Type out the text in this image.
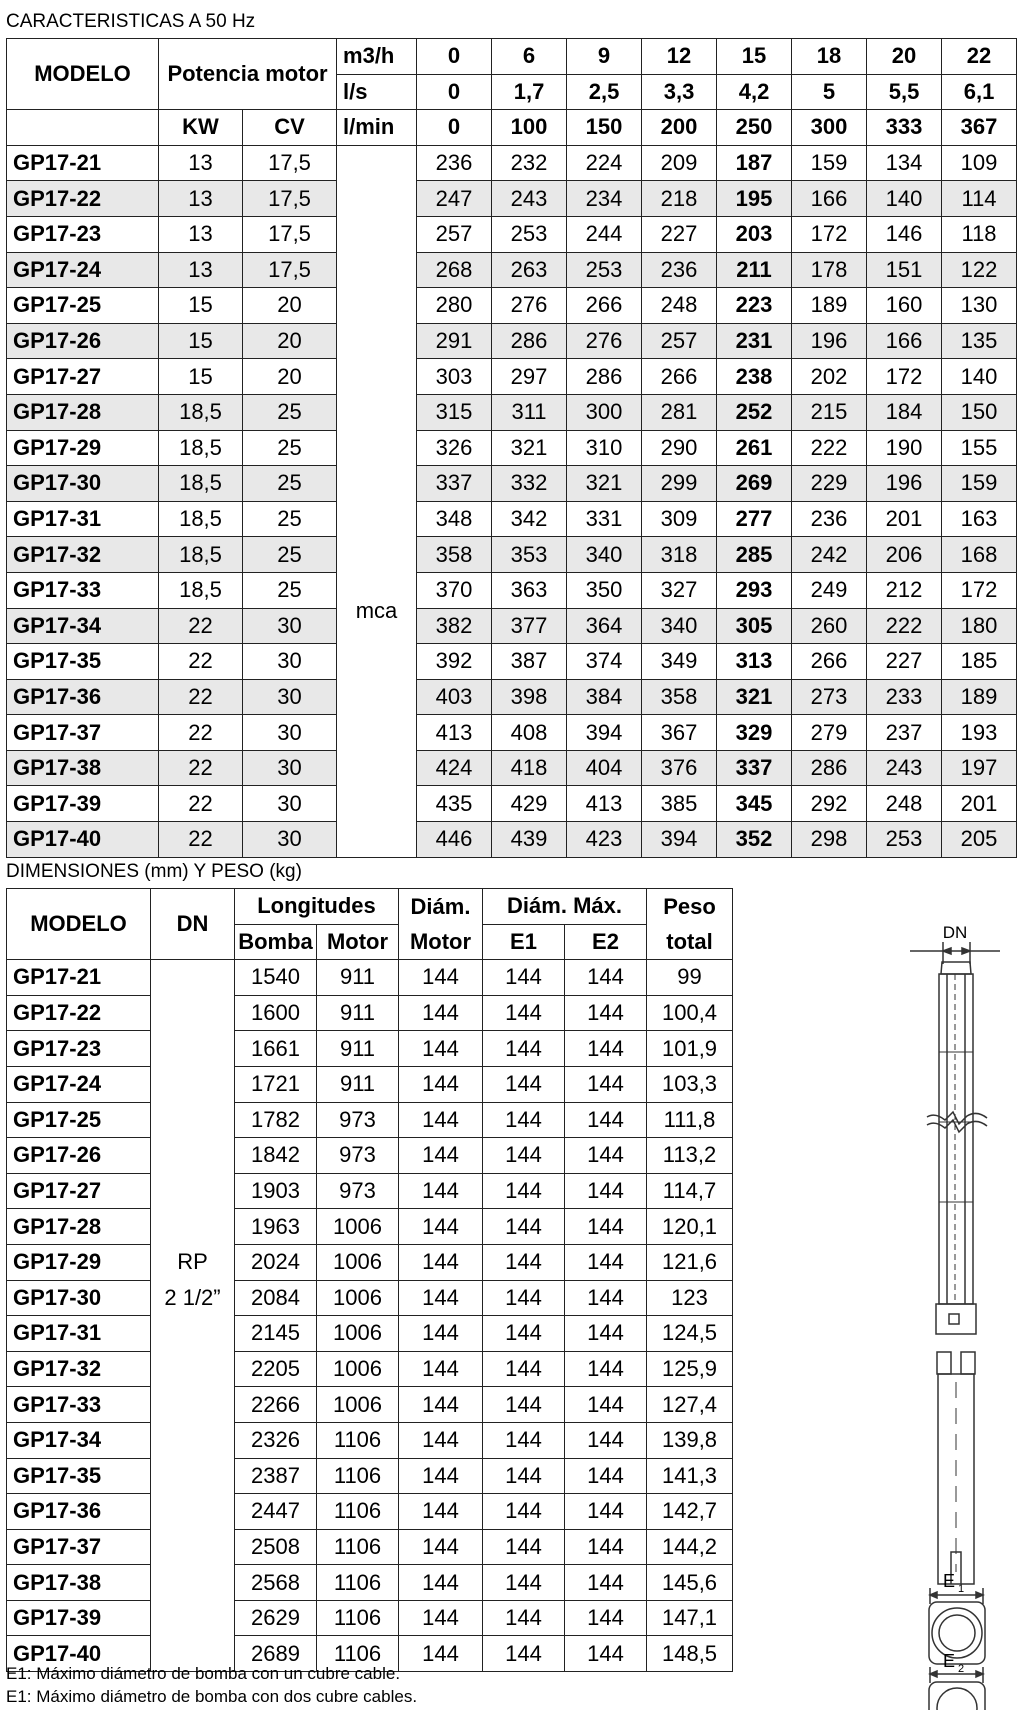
CARACTERISTICAS A 50 Hz
MODELO	Potencia motor		m3/h	0	6	9	12	15	18	20	22
			l/s	0	1,7	2,5	3,3	4,2	5	5,5	6,1
	KW	CV	l/min	0	100	150	200	250	300	333	367
GP17-21	13	17,5	mca	236	232	224	209	187	159	134	109
GP17-22	13	17,5		247	243	234	218	195	166	140	114
GP17-23	13	17,5		257	253	244	227	203	172	146	118
GP17-24	13	17,5		268	263	253	236	211	178	151	122
GP17-25	15	20		280	276	266	248	223	189	160	130
GP17-26	15	20		291	286	276	257	231	196	166	135
GP17-27	15	20		303	297	286	266	238	202	172	140
GP17-28	18,5	25		315	311	300	281	252	215	184	150
GP17-29	18,5	25		326	321	310	290	261	222	190	155
GP17-30	18,5	25		337	332	321	299	269	229	196	159
GP17-31	18,5	25		348	342	331	309	277	236	201	163
GP17-32	18,5	25		358	353	340	318	285	242	206	168
GP17-33	18,5	25		370	363	350	327	293	249	212	172
GP17-34	22	30		382	377	364	340	305	260	222	180
GP17-35	22	30		392	387	374	349	313	266	227	185
GP17-36	22	30		403	398	384	358	321	273	233	189
GP17-37	22	30		413	408	394	367	329	279	237	193
GP17-38	22	30		424	418	404	376	337	286	243	197
GP17-39	22	30		435	429	413	385	345	292	248	201
GP17-40	22	30		446	439	423	394	352	298	253	205
DIMENSIONES (mm) Y PESO (kg)
MODELO	DN	Longitudes		Diám.	Diám. Máx.		Peso
		Bomba	Motor	Motor	E1	E2	total
GP17-21		1540	911	144	144	144	99
GP17-22		1600	911	144	144	144	100,4
GP17-23		1661	911	144	144	144	101,9
GP17-24		1721	911	144	144	144	103,3
GP17-25		1782	973	144	144	144	111,8
GP17-26		1842	973	144	144	144	113,2
GP17-27		1903	973	144	144	144	114,7
GP17-28		1963	1006	144	144	144	120,1
GP17-29	RP	2024	1006	144	144	144	121,6
GP17-30	2 1/2”	2084	1006	144	144	144	123
GP17-31		2145	1006	144	144	144	124,5
GP17-32		2205	1006	144	144	144	125,9
GP17-33		2266	1006	144	144	144	127,4
GP17-34		2326	1106	144	144	144	139,8
GP17-35		2387	1106	144	144	144	141,3
GP17-36		2447	1106	144	144	144	142,7
GP17-37		2508	1106	144	144	144	144,2
GP17-38		2568	1106	144	144	144	145,6
GP17-39		2629	1106	144	144	144	147,1
GP17-40		2689	1106	144	144	144	148,5
E1: Máximo diámetro de bomba con un cubre cable.
E1: Máximo diámetro de bomba con dos cubre cables.
DN
E 1
E 2
